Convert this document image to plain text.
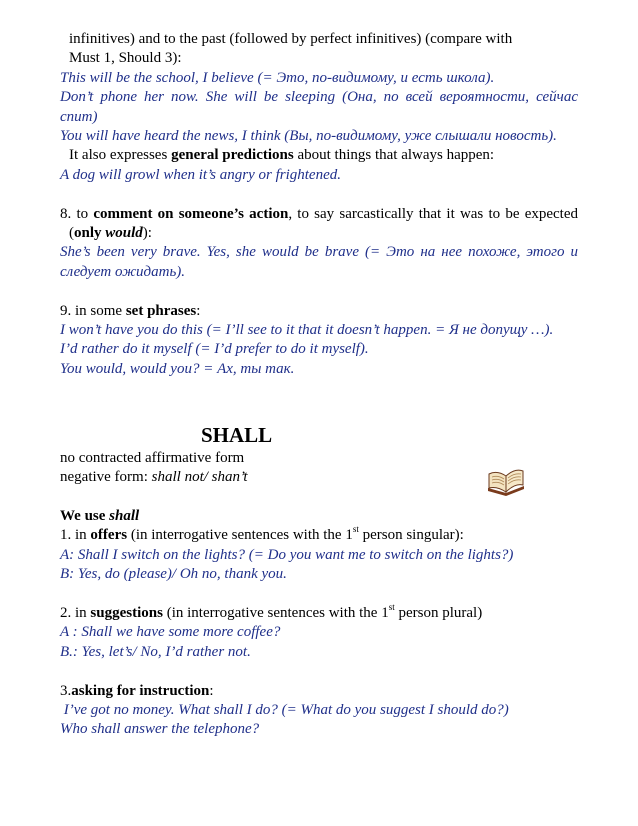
infinitives) and to the past (followed by perfect infinitives) (compare with

Must 1, Should 3):

This will be the school, I believe (= Это, по-видимому, и есть школа).

Don’t phone her now. She will be sleeping (Она, по всей вероятности, сейчас спит)

You will have heard the news, I think (Вы, по-видимому, уже слышали новость).

It also expresses general predictions about things that always happen:

A dog will growl when it’s angry or frightened.

8. to comment on someone’s action, to say sarcastically that it was to be expected (only would):

She’s been very brave. Yes, she would be brave (= Это на нее похоже, этого и следует ожидать).

9. in some set phrases:

I won’t have you do this (= I’ll see to it that it doesn’t happen. = Я не допущу …).

I’d rather do it myself (= I’d prefer to do it myself).

You would, would you? = Ах, ты так.

SHALL

no contracted affirmative form

negative form: shall not/ shan’t

We use shall

1. in offers (in interrogative sentences with the 1st person singular):

A: Shall I switch on the lights? (= Do you want me to switch on the lights?)

B: Yes, do (please)/ Oh no, thank you.

2. in suggestions (in interrogative sentences with the 1st person plural)

A : Shall we have some more coffee?

B.: Yes, let’s/ No, I’d rather not.

3.asking for instruction:

I’ve got no money. What shall I do? (= What do you suggest I should do?)

Who shall answer the telephone?
